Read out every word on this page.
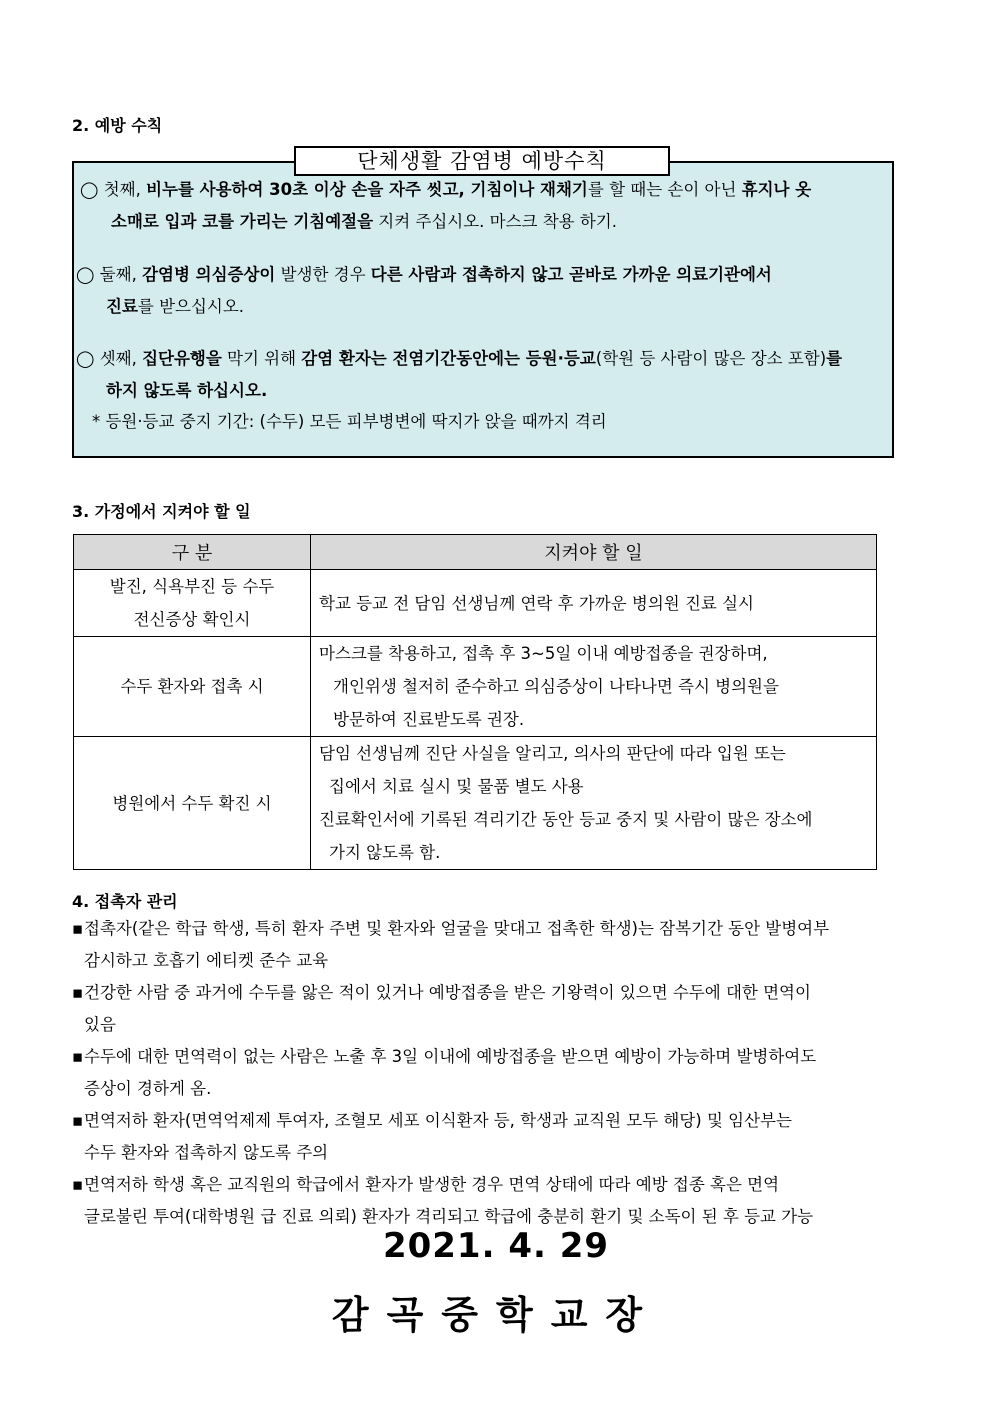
2. 예방 수칙
단체생활 감염병 예방수칙
◯ 첫째, 비누를 사용하여 30초 이상 손을 자주 씻고, 기침이나 재채기를 할 때는 손이 아닌 휴지나 옷
소매로 입과 코를 가리는 기침예절을 지켜 주십시오. 마스크 착용 하기.
◯ 둘째, 감염병 의심증상이 발생한 경우 다른 사람과 접촉하지 않고 곧바로 가까운 의료기관에서
진료를 받으십시오.
◯ 셋째, 집단유행을 막기 위해 감염 환자는 전염기간동안에는 등원·등교(학원 등 사람이 많은 장소 포함)를
하지 않도록 하십시오.
* 등원·등교 중지 기간: (수두) 모든 피부병변에 딱지가 앉을 때까지 격리
3. 가정에서 지켜야 할 일
구 분	지켜야 할 일

발진, 식욕부진 등 수두
전신증상 확인시	학교 등교 전 담임 선생님께 연락 후 가까운 병의원 진료 실시

수두 환자와 접촉 시	마스크를 착용하고, 접촉 후 3~5일 이내 예방접종을 권장하며,
개인위생 철저히 준수하고 의심증상이 나타나면 즉시 병의원을
방문하여 진료받도록 권장.

병원에서 수두 확진 시	담임 선생님께 진단 사실을 알리고, 의사의 판단에 따라 입원 또는
집에서 치료 실시 및 물품 별도 사용
진료확인서에 기록된 격리기간 동안 등교 중지 및 사람이 많은 장소에
가지 않도록 함.
4. 접촉자 관리
▪ 접촉자(같은 학급 학생, 특히 환자 주변 및 환자와 얼굴을 맞대고 접촉한 학생)는 잠복기간 동안 발병여부
감시하고 호흡기 에티켓 준수 교육
▪ 건강한 사람 중 과거에 수두를 앓은 적이 있거나 예방접종을 받은 기왕력이 있으면 수두에 대한 면역이
있음
▪ 수두에 대한 면역력이 없는 사람은 노출 후 3일 이내에 예방접종을 받으면 예방이 가능하며 발병하여도
증상이 경하게 옴.
▪ 면역저하 환자(면역억제제 투여자, 조혈모 세포 이식환자 등, 학생과 교직원 모두 해당) 및 임산부는
수두 환자와 접촉하지 않도록 주의
▪ 면역저하 학생 혹은 교직원의 학급에서 환자가 발생한 경우 면역 상태에 따라 예방 접종 혹은 면역
글로불린 투여(대학병원 급 진료 의뢰) 환자가 격리되고 학급에 충분히 환기 및 소독이 된 후 등교 가능
2021. 4. 29
감곡중학교장
